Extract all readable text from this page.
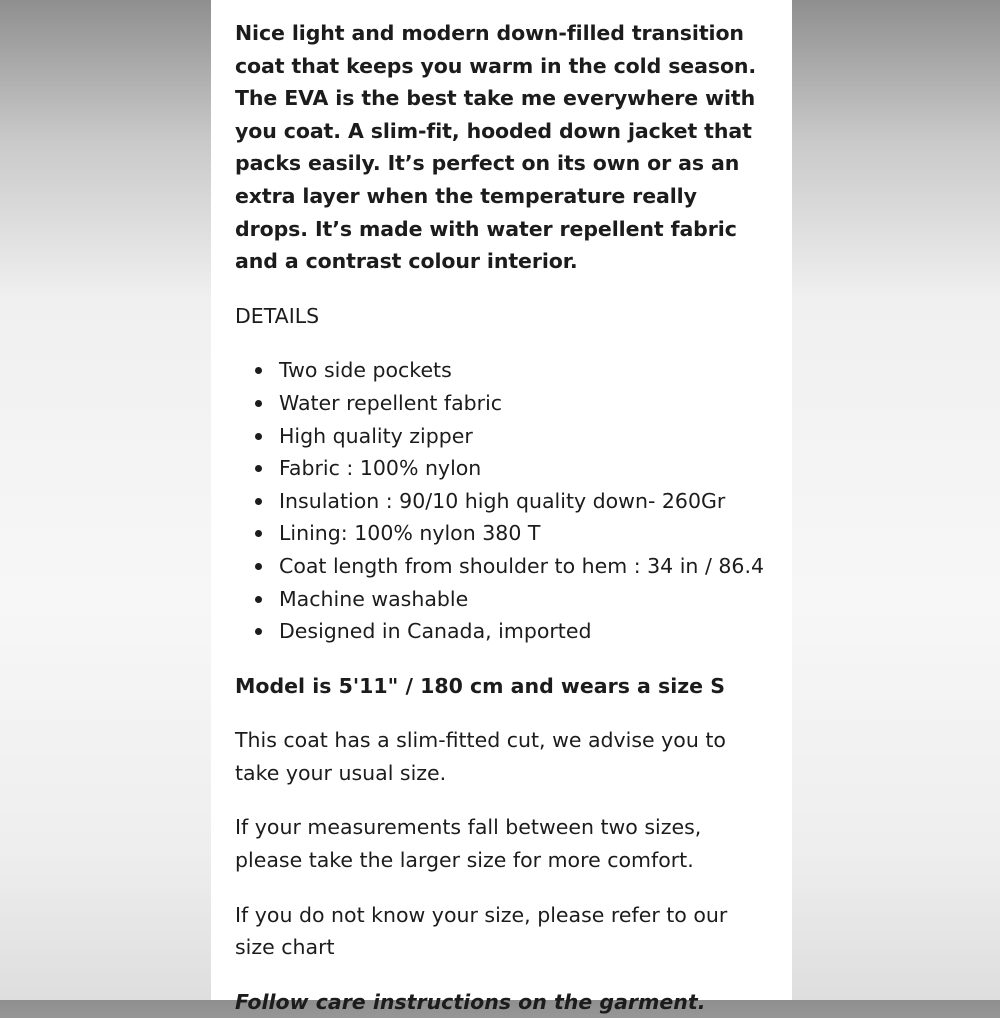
Nice light and modern down-filled transition coat that keeps you warm in the cold season. The EVA is the best take me everywhere with you coat. A slim-fit, hooded down jacket that packs easily. It’s perfect on its own or as an extra layer when the temperature really drops. It’s made with water repellent fabric and a contrast colour interior.

DETAILS

Two side pockets
Water repellent fabric
High quality zipper
Fabric : 100% nylon
Insulation : 90/10 high quality down- 260Gr
Lining: 100% nylon 380 T
Coat length from shoulder to hem : 34 in / 86.4
Machine washable
Designed in Canada, imported

Model is 5'11" / 180 cm and wears a size S

This coat has a slim-fitted cut, we advise you to take your usual size.

If your measurements fall between two sizes, please take the larger size for more comfort.

If you do not know your size, please refer to our size chart

Follow care instructions on the garment.
